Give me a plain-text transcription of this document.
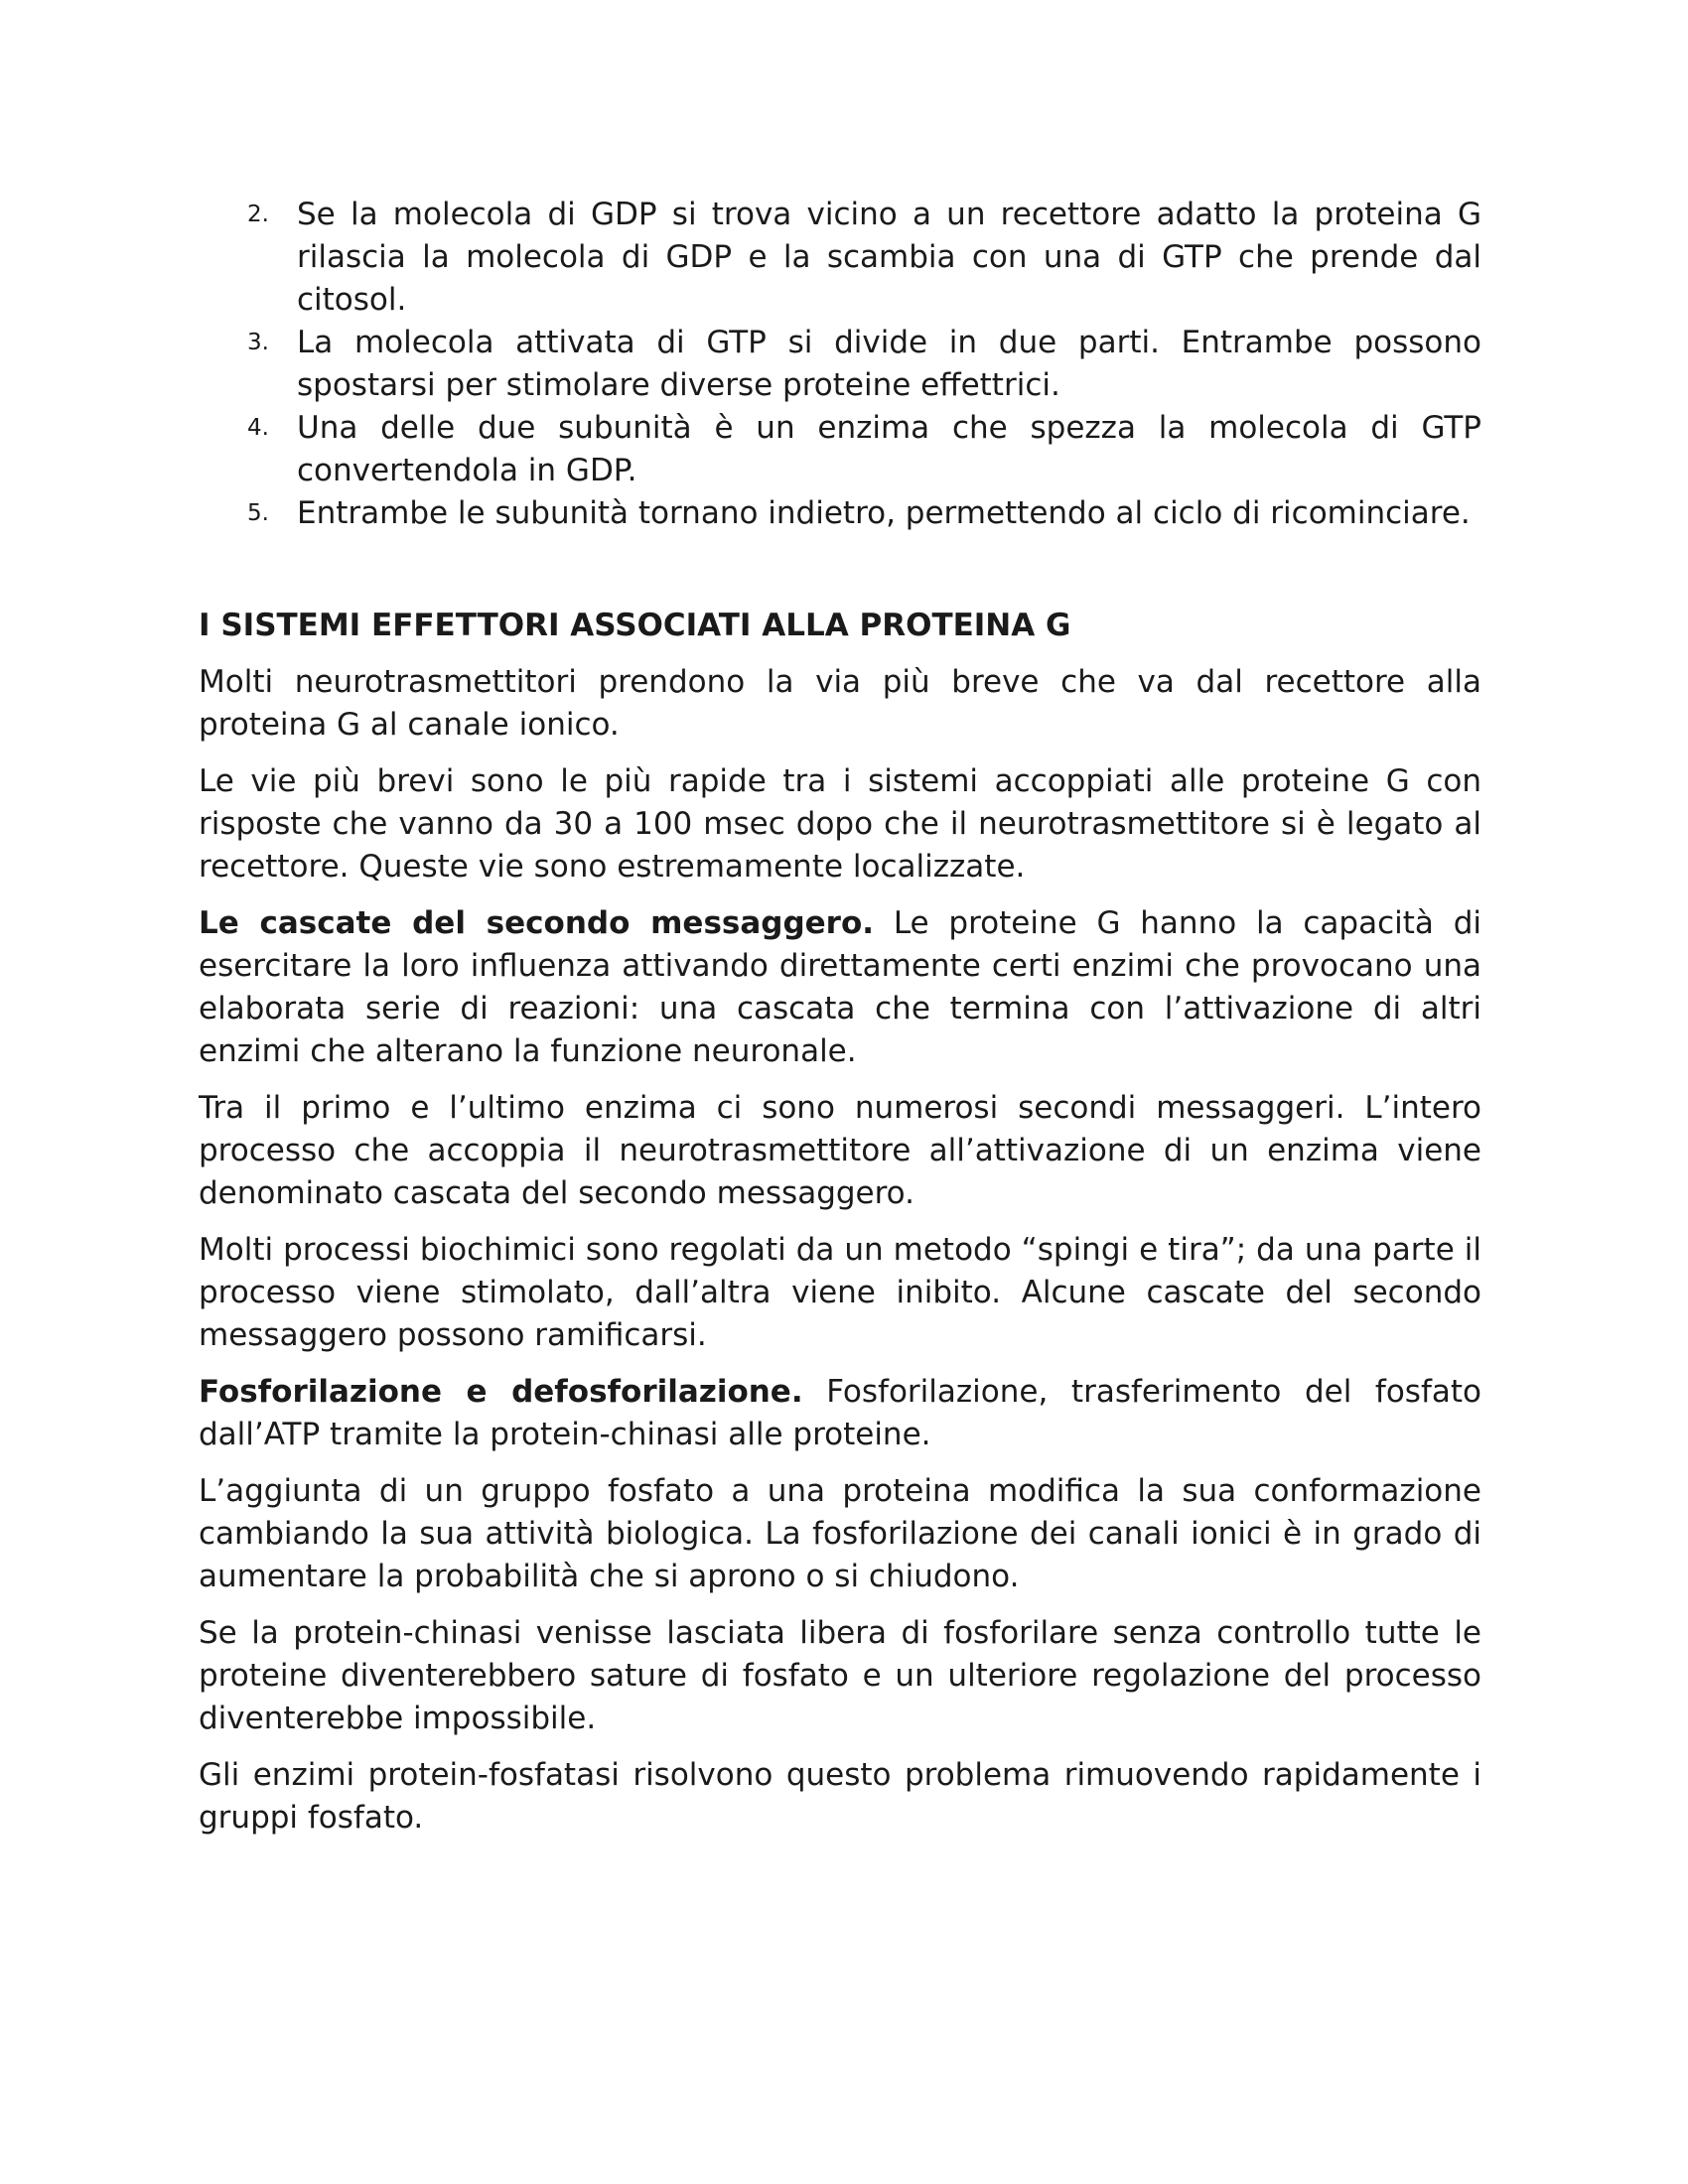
2. Se la molecola di GDP si trova vicino a un recettore adatto la proteina G rilascia la molecola di GDP e la scambia con una di GTP che prende dal citosol.
3. La molecola attivata di GTP si divide in due parti. Entrambe possono spostarsi per stimolare diverse proteine effettrici.
4. Una delle due subunità è un enzima che spezza la molecola di GTP convertendola in GDP.
5. Entrambe le subunità tornano indietro, permettendo al ciclo di ricominciare.
I SISTEMI EFFETTORI ASSOCIATI ALLA PROTEINA G

Molti neurotrasmettitori prendono la via più breve che va dal recettore alla proteina G al canale ionico.

Le vie più brevi sono le più rapide tra i sistemi accoppiati alle proteine G con risposte che vanno da 30 a 100 msec dopo che il neurotrasmettitore si è legato al recettore. Queste vie sono estremamente localizzate.

Le cascate del secondo messaggero. Le proteine G hanno la capacità di esercitare la loro influenza attivando direttamente certi enzimi che provocano una elaborata serie di reazioni: una cascata che termina con l’attivazione di altri enzimi che alterano la funzione neuronale.

Tra il primo e l’ultimo enzima ci sono numerosi secondi messaggeri. L’intero processo che accoppia il neurotrasmettitore all’attivazione di un enzima viene denominato cascata del secondo messaggero.

Molti processi biochimici sono regolati da un metodo “spingi e tira”; da una parte il processo viene stimolato, dall’altra viene inibito. Alcune cascate del secondo messaggero possono ramificarsi.

Fosforilazione e defosforilazione. Fosforilazione, trasferimento del fosfato dall’ATP tramite la protein-chinasi alle proteine.

L’aggiunta di un gruppo fosfato a una proteina modifica la sua conformazione cambiando la sua attività biologica. La fosforilazione dei canali ionici è in grado di aumentare la probabilità che si aprono o si chiudono.

Se la protein-chinasi venisse lasciata libera di fosforilare senza controllo tutte le proteine diventerebbero sature di fosfato e un ulteriore regolazione del processo diventerebbe impossibile.

Gli enzimi protein-fosfatasi risolvono questo problema rimuovendo rapidamente i gruppi fosfato.
